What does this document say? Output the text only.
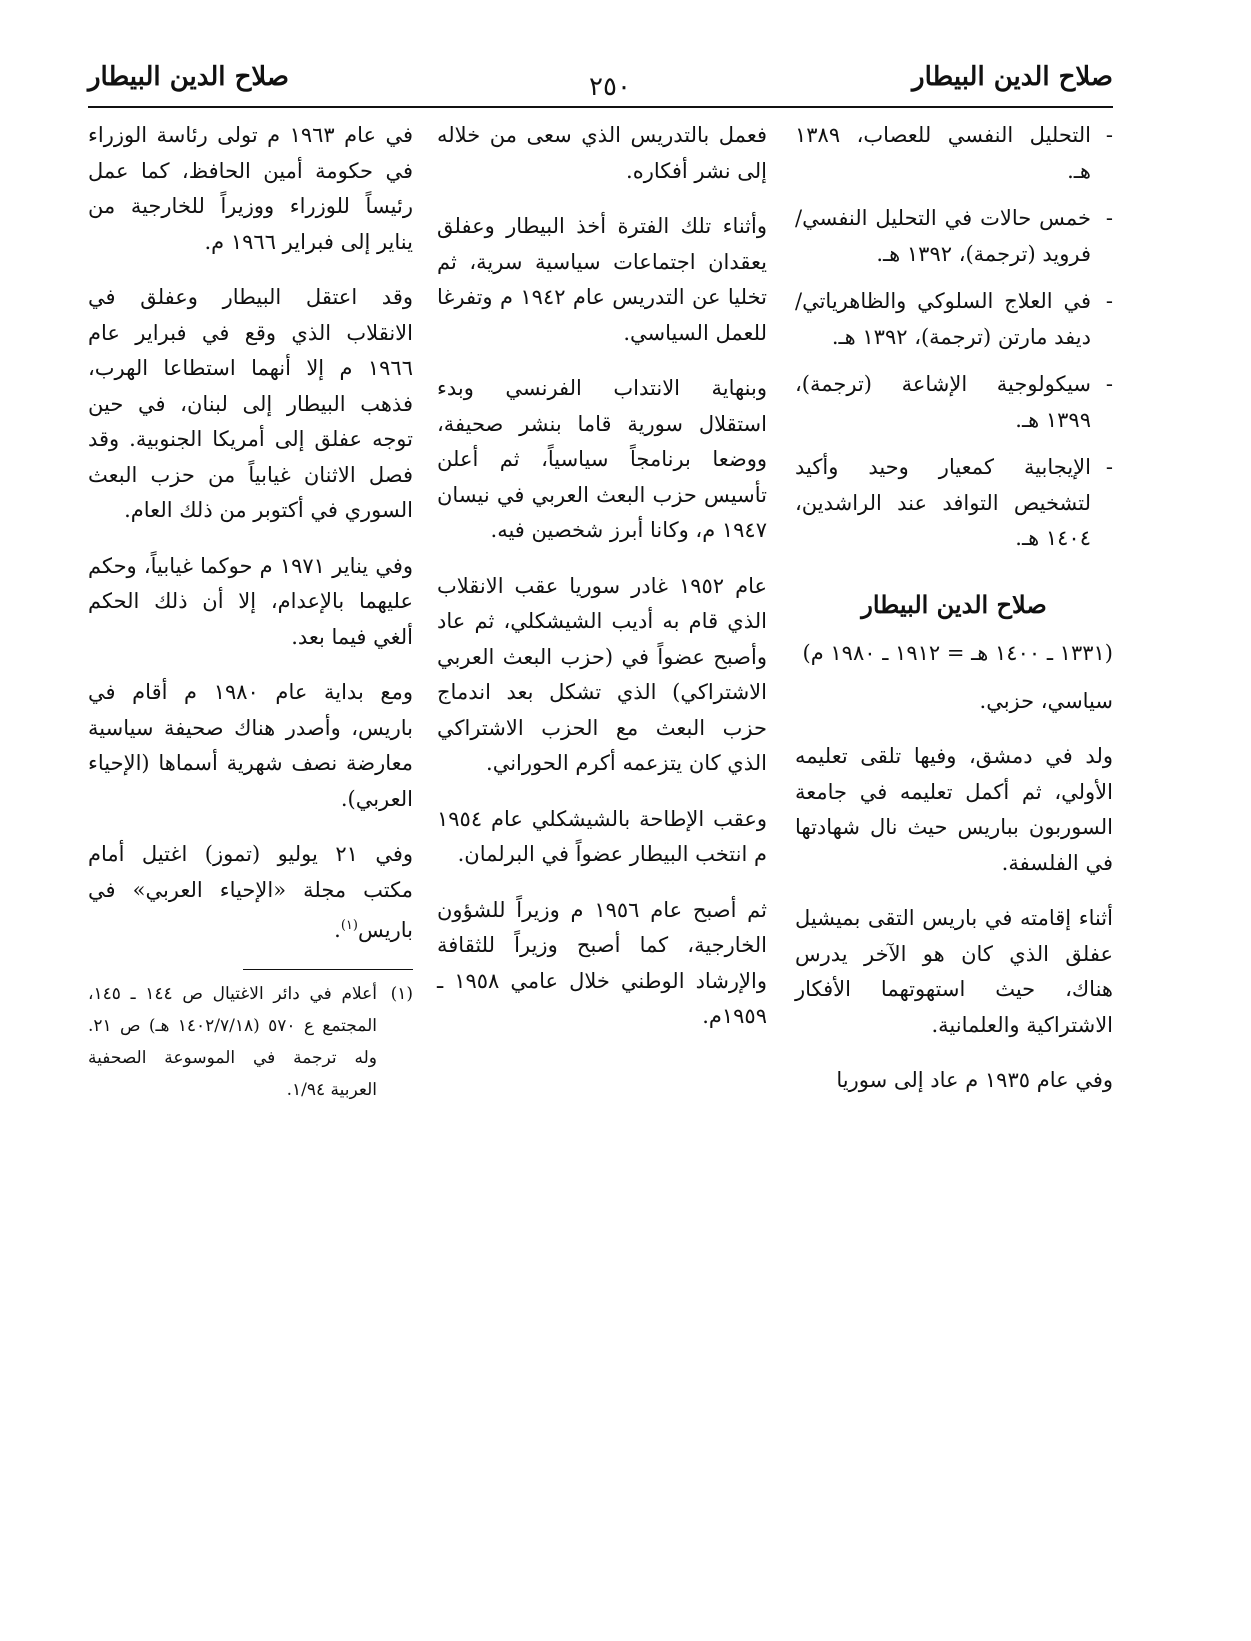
صلاح الدين البيطار
٢٥٠
صلاح الدين البيطار
- التحليل النفسي للعصاب، ١٣٨٩ هـ.
- خمس حالات في التحليل النفسي/ فروید (ترجمة)، ١٣٩٢ هـ.
- في العلاج السلوكي والظاهرياتي/ ديفد مارتن (ترجمة)، ١٣٩٢ هـ.
- سيكولوجية الإشاعة (ترجمة)، ١٣٩٩ هـ.
- الإيجابية كمعيار وحيد وأكيد لتشخيص التوافد عند الراشدين، ١٤٠٤ هـ.
صلاح الدين البيطار
(١٣٣١ ـ ١٤٠٠ هـ = ١٩١٢ ـ ١٩٨٠ م)

سياسي، حزبي.

ولد في دمشق، وفيها تلقى تعليمه الأولي، ثم أكمل تعليمه في جامعة السوربون بباريس حيث نال شهادتها في الفلسفة.

أثناء إقامته في باريس التقى بميشيل عفلق الذي كان هو الآخر يدرس هناك، حيث استهوتهما الأفكار الاشتراكية والعلمانية.

وفي عام ١٩٣٥ م عاد إلى سوريا

فعمل بالتدريس الذي سعى من خلاله إلى نشر أفكاره.

وأثناء تلك الفترة أخذ البيطار وعفلق يعقدان اجتماعات سياسية سرية، ثم تخليا عن التدريس عام ١٩٤٢ م وتفرغا للعمل السياسي.

وبنهاية الانتداب الفرنسي وبدء استقلال سورية قاما بنشر صحيفة، ووضعا برنامجاً سياسياً، ثم أعلن تأسيس حزب البعث العربي في نيسان ١٩٤٧ م، وكانا أبرز شخصين فيه.

عام ١٩٥٢ غادر سوريا عقب الانقلاب الذي قام به أديب الشيشكلي، ثم عاد وأصبح عضواً في (حزب البعث العربي الاشتراكي) الذي تشكل بعد اندماج حزب البعث مع الحزب الاشتراكي الذي كان يتزعمه أكرم الحوراني.

وعقب الإطاحة بالشيشكلي عام ١٩٥٤ م انتخب البيطار عضواً في البرلمان.

ثم أصبح عام ١٩٥٦ م وزيراً للشؤون الخارجية، كما أصبح وزيراً للثقافة والإرشاد الوطني خلال عامي ١٩٥٨ ـ ١٩٥٩م.

في عام ١٩٦٣ م تولى رئاسة الوزراء في حكومة أمين الحافظ، كما عمل رئيساً للوزراء ووزيراً للخارجية من يناير إلى فبراير ١٩٦٦ م.

وقد اعتقل البيطار وعفلق في الانقلاب الذي وقع في فبراير عام ١٩٦٦ م إلا أنهما استطاعا الهرب، فذهب البيطار إلى لبنان، في حين توجه عفلق إلى أمريكا الجنوبية. وقد فصل الاثنان غيابياً من حزب البعث السوري في أكتوبر من ذلك العام.

وفي يناير ١٩٧١ م حوكما غيابياً، وحكم عليهما بالإعدام، إلا أن ذلك الحكم ألغي فيما بعد.

ومع بداية عام ١٩٨٠ م أقام في باريس، وأصدر هناك صحيفة سياسية معارضة نصف شهرية أسماها (الإحياء العربي).

وفي ٢١ يوليو (تموز) اغتيل أمام مكتب مجلة «الإحياء العربي» في باريس$^{(١)}$.

(١)
أعلام في دائر الاغتيال ص ١٤٤ ـ ١٤٥، المجتمع ع ٥٧٠ (١٤٠٢/٧/١٨ هـ) ص ٢١. وله ترجمة في الموسوعة الصحفية العربية ١/٩٤.
